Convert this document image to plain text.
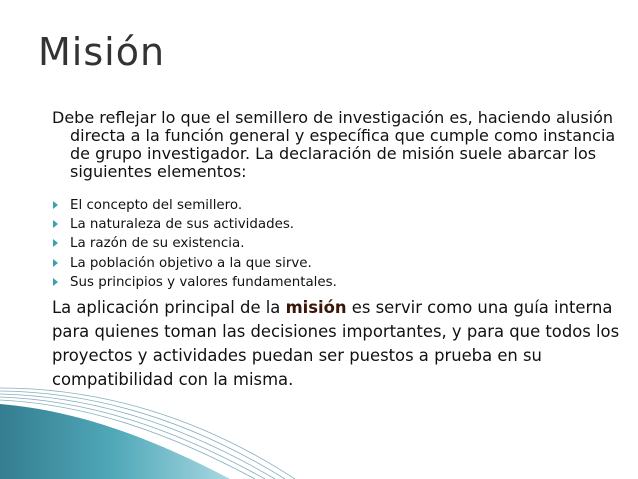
Misión

Debe reflejar lo que el semillero de investigación es, haciendo alusión directa a la función general y específica que cumple como instancia de grupo investigador. La declaración de misión suele abarcar los siguientes elementos:

El concepto del semillero.
La naturaleza de sus actividades.
La razón de su existencia.
La población objetivo a la que sirve.
Sus principios y valores fundamentales.

La aplicación principal de la misión es servir como una guía interna para quienes toman las decisiones importantes, y para que todos los proyectos y actividades puedan ser puestos a prueba en su compatibilidad con la misma.
